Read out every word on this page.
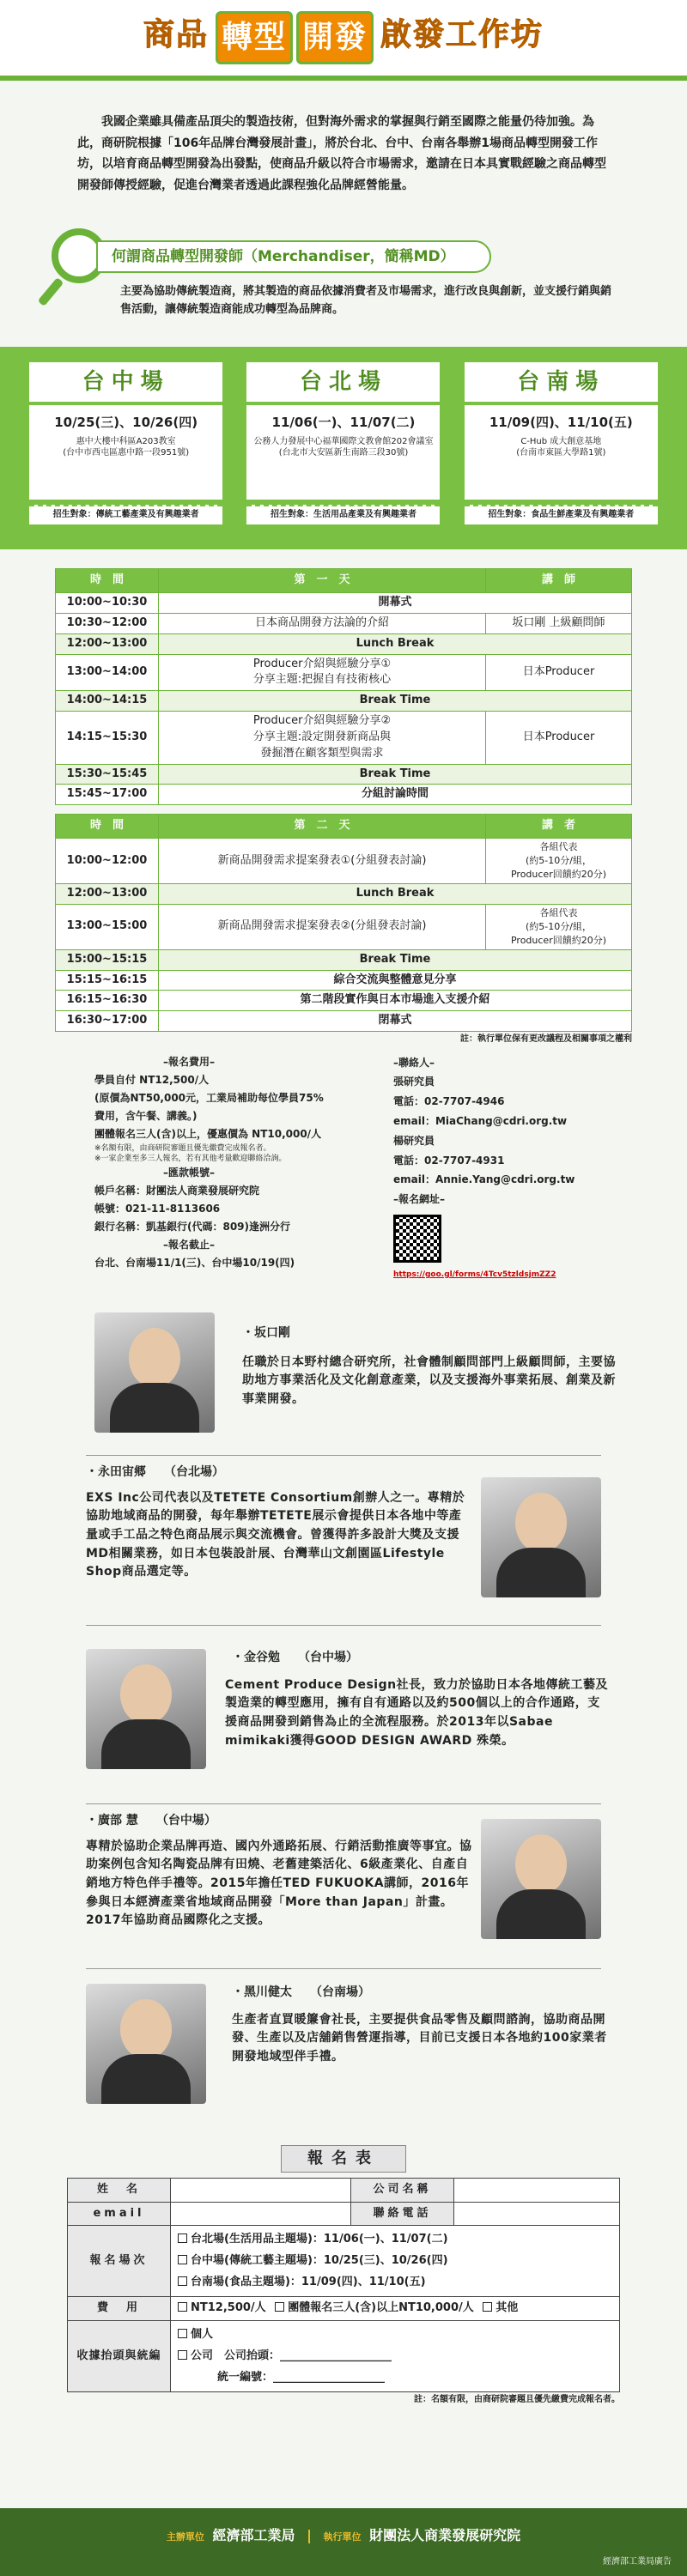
商品 轉型 開發 啟發工作坊
我國企業雖具備產品頂尖的製造技術，但對海外需求的掌握與行銷至國際之能量仍待加強。為此，商研院根據「106年品牌台灣發展計畫」，將於台北、台中、台南各舉辦1場商品轉型開發工作坊，以培育商品轉型開發為出發點，使商品升級以符合市場需求，邀請在日本具實戰經驗之商品轉型開發師傳授經驗，促進台灣業者透過此課程強化品牌經營能量。
何謂商品轉型開發師（Merchandiser，簡稱MD）
主要為協助傳統製造商，將其製造的商品依據消費者及市場需求，進行改良與創新，並支援行銷與銷售活動，讓傳統製造商能成功轉型為品牌商。
台中場
10/25(三)、10/26(四)
惠中大樓中科區A203教室
(台中市西屯區惠中路一段951號)
招生對象：傳統工藝產業及有興趣業者
台北場
11/06(一)、11/07(二)
公務人力發展中心福華國際文教會館202會議室
(台北市大安區新生南路三段30號)
招生對象：生活用品產業及有興趣業者
台南場
11/09(四)、11/10(五)
C-Hub 成大創意基地
(台南市東區大學路1號)
招生對象：食品生鮮產業及有興趣業者
時　間	第　一　天	講　師
10:00~10:30	開幕式	
10:30~12:00	日本商品開發方法論的介紹	坂口剛 上級顧問師
12:00~13:00	Lunch Break	
13:00~14:00	Producer介紹與經驗分享①
分享主題:把握自有技術核心	日本Producer
14:00~14:15	Break Time	
14:15~15:30	Producer介紹與經驗分享②
分享主題:設定開發新商品與
發掘潛在顧客類型與需求	日本Producer
15:30~15:45	Break Time	
15:45~17:00	分組討論時間	
時　間	第　二　天	講　者
10:00~12:00	新商品開發需求提案發表①(分組發表討論)	各組代表
(約5-10分/組，
Producer回饋約20分)
12:00~13:00	Lunch Break	
13:00~15:00	新商品開發需求提案發表②(分組發表討論)	各組代表
(約5-10分/組，
Producer回饋約20分)
15:00~15:15	Break Time	
15:15~16:15	綜合交流與整體意見分享	
16:15~16:30	第二階段實作與日本市場進入支援介紹	
16:30~17:00	閉幕式	
註：執行單位保有更改議程及相關事項之權利
–報名費用–
學員自付 NT12,500/人
(原價為NT50,000元，工業局補助每位學員75%
費用，含午餐、講義。)
團體報名三人(含)以上，優惠價為 NT10,000/人
※名額有限，由商研院審題且優先繳費完成報名者。
※一家企業至多三人報名，若有其他考量歡迎聯絡洽詢。
–匯款帳號–
帳戶名稱：財團法人商業發展研究院
帳號：021-11-8113606
銀行名稱：凱基銀行(代碼：809)逢洲分行
–報名截止–
台北、台南場11/1(三)、台中場10/19(四)
–聯絡人–
張研究員
電話：02-7707-4946
email：MiaChang@cdri.org.tw
楊研究員
電話：02-7707-4931
email：Annie.Yang@cdri.org.tw
–報名網址–
https://goo.gl/forms/4Tcv5tzldsjmZZ2
・坂口剛
任職於日本野村總合研究所，社會體制顧問部門上級顧問師，主要協助地方事業活化及文化創意產業，以及支援海外事業拓展、創業及新事業開發。
・永田宙郷　　（台北場）
EXS Inc公司代表以及TETETE Consortium創辦人之一。專精於協助地域商品的開發，每年舉辦TETETE展示會提供日本各地中等產量或手工品之特色商品展示與交流機會。曾獲得許多設計大獎及支援MD相關業務，如日本包裝設計展、台灣華山文創園區Lifestyle Shop商品選定等。
・金谷勉　　（台中場）
Cement Produce Design社長，致力於協助日本各地傳統工藝及製造業的轉型應用，擁有自有通路以及約500個以上的合作通路，支援商品開發到銷售為止的全流程服務。於2013年以Sabae mimikaki獲得GOOD DESIGN AWARD 殊榮。
・廣部 慧　　（台中場）
專精於協助企業品牌再造、國內外通路拓展、行銷活動推廣等事宜。協助案例包含知名陶瓷品牌有田燒、老舊建築活化、6級產業化、自產自銷地方特色伴手禮等。2015年擔任TED FUKUOKA講師，2016年參與日本經濟產業省地域商品開發「More than Japan」計畫。2017年協助商品國際化之支援。
・黑川健太　　（台南場）
生產者直買暖簾會社長，主要提供食品零售及顧問諮詢，協助商品開發、生產以及店舖銷售營運指導，目前已支援日本各地約100家業者開發地域型伴手禮。
報名表
姓　名		公司名稱	
email		聯絡電話	
報名場次	台北場(生活用品主題場)：11/06(一)、11/07(二)
台中場(傳統工藝主題場)：10/25(三)、10/26(四)
台南場(食品主題場)：11/09(四)、11/10(五)		

費　用	NT12,500/人 團體報名三人(含)以上NT10,000/人 其他		
收據抬頭與統編	個人
公司　 公司抬頭：____________________
統一編號：____________________		
註：名額有限，由商研院審題且優先繳費完成報名者。
主辦單位 經濟部工業局 | 執行單位 財團法人商業發展研究院
經濟部工業局廣告
